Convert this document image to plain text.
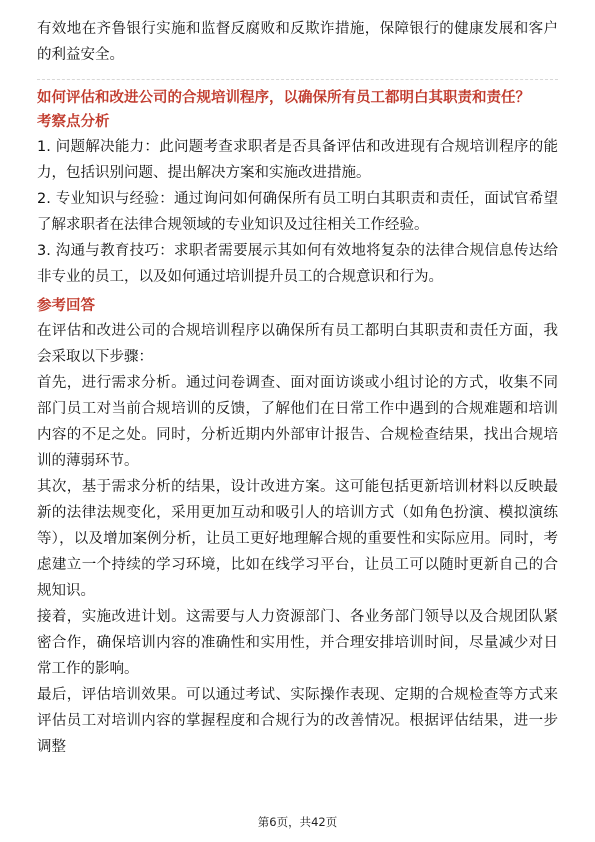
有效地在齐鲁银行实施和监督反腐败和反欺诈措施，保障银行的健康发展和客户的利益安全。

如何评估和改进公司的合规培训程序，以确保所有员工都明白其职责和责任？

考察点分析

1. 问题解决能力：此问题考查求职者是否具备评估和改进现有合规培训程序的能力，包括识别问题、提出解决方案和实施改进措施。

2. 专业知识与经验：通过询问如何确保所有员工明白其职责和责任，面试官希望了解求职者在法律合规领域的专业知识及过往相关工作经验。

3. 沟通与教育技巧：求职者需要展示其如何有效地将复杂的法律合规信息传达给非专业的员工，以及如何通过培训提升员工的合规意识和行为。

参考回答

在评估和改进公司的合规培训程序以确保所有员工都明白其职责和责任方面，我会采取以下步骤：

首先，进行需求分析。通过问卷调查、面对面访谈或小组讨论的方式，收集不同部门员工对当前合规培训的反馈，了解他们在日常工作中遇到的合规难题和培训内容的不足之处。同时，分析近期内外部审计报告、合规检查结果，找出合规培训的薄弱环节。

其次，基于需求分析的结果，设计改进方案。这可能包括更新培训材料以反映最新的法律法规变化，采用更加互动和吸引人的培训方式（如角色扮演、模拟演练等），以及增加案例分析，让员工更好地理解合规的重要性和实际应用。同时，考虑建立一个持续的学习环境，比如在线学习平台，让员工可以随时更新自己的合规知识。

接着，实施改进计划。这需要与人力资源部门、各业务部门领导以及合规团队紧密合作，确保培训内容的准确性和实用性，并合理安排培训时间，尽量减少对日常工作的影响。

最后，评估培训效果。可以通过考试、实际操作表现、定期的合规检查等方式来评估员工对培训内容的掌握程度和合规行为的改善情况。根据评估结果，进一步调整

第6页，共42页
